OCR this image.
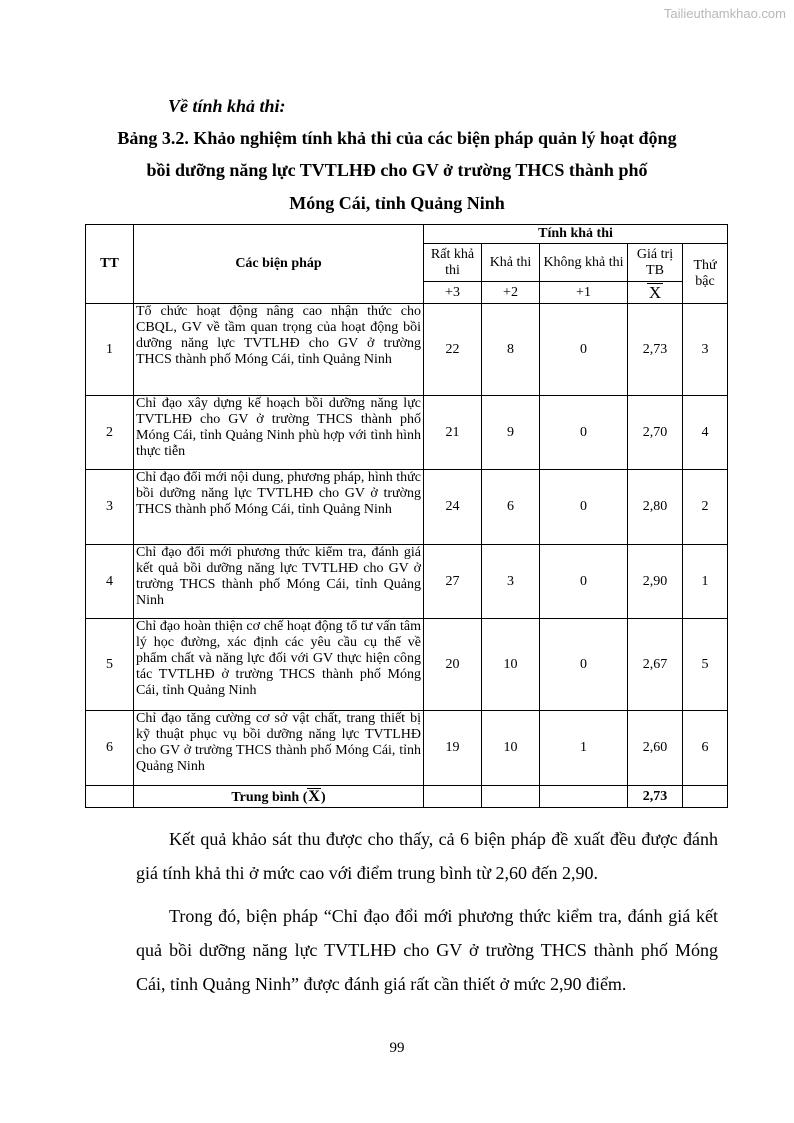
Tailieuthamkhao.com
Về tính khả thi:
Bảng 3.2. Khảo nghiệm tính khả thi của các biện pháp quản lý hoạt động
bồi dưỡng năng lực TVTLHĐ cho GV ở trường THCS thành phố
Móng Cái, tỉnh Quảng Ninh
TT	Các biện pháp	Tính khả thi				
		Rất khả thi	Khả thi	Không khả thi	Giá trị TB	Thứ bậc
		+3	+2	+1	X	
1	Tổ chức hoạt động nâng cao nhận thức cho CBQL, GV về tầm quan trọng của hoạt động bồi dưỡng năng lực TVTLHĐ cho GV ở trường THCS thành phố Móng Cái, tỉnh Quảng Ninh	22	8	0	2,73	3
2	Chỉ đạo xây dựng kế hoạch bồi dưỡng năng lực TVTLHĐ cho GV ở trường THCS thành phố Móng Cái, tỉnh Quảng Ninh phù hợp với tình hình thực tiễn	21	9	0	2,70	4
3	Chỉ đạo đổi mới nội dung, phương pháp, hình thức bồi dưỡng năng lực TVTLHĐ cho GV ở trường THCS thành phố Móng Cái, tỉnh Quảng Ninh	24	6	0	2,80	2
4	Chỉ đạo đổi mới phương thức kiểm tra, đánh giá kết quả bồi dưỡng năng lực TVTLHĐ cho GV ở trường THCS thành phố Móng Cái, tỉnh Quảng Ninh	27	3	0	2,90	1
5	Chỉ đạo hoàn thiện cơ chế hoạt động tổ tư vấn tâm lý học đường, xác định các yêu cầu cụ thể về phẩm chất và năng lực đối với GV thực hiện công tác TVTLHĐ ở trường THCS thành phố Móng Cái, tỉnh Quảng Ninh	20	10	0	2,67	5
6	Chỉ đạo tăng cường cơ sở vật chất, trang thiết bị kỹ thuật phục vụ bồi dưỡng năng lực TVTLHĐ cho GV ở trường THCS thành phố Móng Cái, tỉnh Quảng Ninh	19	10	1	2,60	6
	Trung bình (X)				2,73	

Kết quả khảo sát thu được cho thấy, cả 6 biện pháp đề xuất đều được đánh giá tính khả thi ở mức cao với điểm trung bình từ 2,60 đến 2,90.

Trong đó, biện pháp “Chỉ đạo đổi mới phương thức kiểm tra, đánh giá kết quả bồi dưỡng năng lực TVTLHĐ cho GV ở trường THCS thành phố Móng Cái, tỉnh Quảng Ninh” được đánh giá rất cần thiết ở mức 2,90 điểm.

99
